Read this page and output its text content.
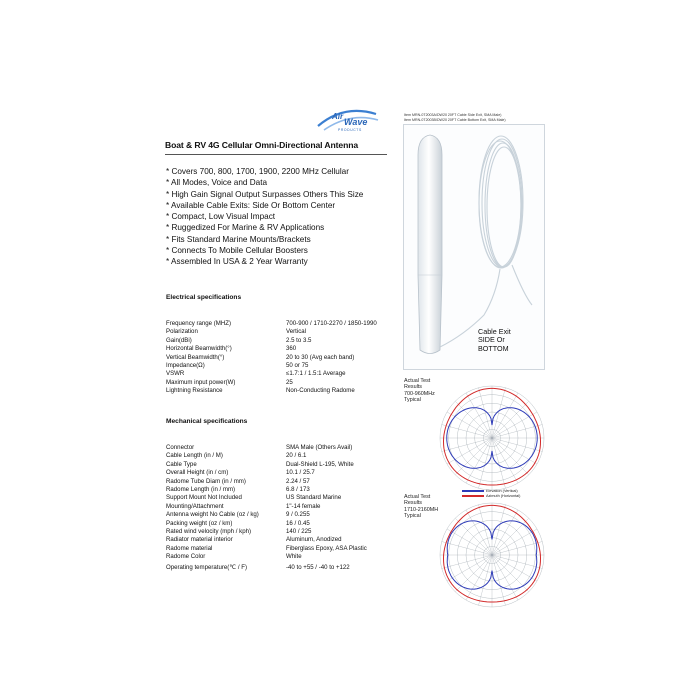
Air
Wave
PRODUCTS
Boat & RV 4G Cellular Omni-Directional Antenna
* Covers 700, 800, 1700, 1900, 2200 MHz Cellular
* All Modes, Voice and Data
* High Gain Signal Output Surpasses Others This Size
* Available Cable Exits: Side Or Bottom Center
* Compact, Low Visual Impact
* Ruggedized For Marine & RV Applications
* Fits Standard Marine Mounts/Brackets
* Connects To Mobile Cellular Boosters
* Assembled In USA & 2 Year Warranty
Electrical specifications
Frequency range (MHZ)	700-900 / 1710-2270 / 1850-1990
Polarization	Vertical
Gain(dBi)	2.5 to 3.5
Horizontal Beamwidth(°)	360
Vertical Beamwidth(°)	20 to 30 (Avg each band)
Impedance(Ω)	50 or 75
VSWR	≤1.7:1 / 1.5:1 Average
Maximum input power(W)	25
Lightning Resistance	Non-Conducting Radome
Mechanical specifications
Connector	SMA Male (Others Avail)
Cable Length (in / M)	20 / 6.1
Cable Type	Dual-Shield L-195, White
Overall Height (in / cm)	10.1 / 25.7
Radome Tube Diam (in / mm)	2.24 / 57
Radome Length (in / mm)	6.8 / 173
Support Mount Not Included	US Standard Marine
Mounting/Attachment	1"-14 female
Antenna weight No Cable (oz / kg)	9 / 0.255
Packing weight (oz / km)	16 / 0.45
Rated wind velocity (mph / kph)	140 / 225
Radiator material interior	Aluminum, Anodized
Radome material	Fiberglass Epoxy, ASA Plastic
Radome Color	White
Operating temperature(℃ / F)	-40 to +55 / -40 to +122
Item MRN-0T2003A/DW20 20FT Cable Side Exit, SMA Male)
Item MRN-0T2003B/DW20 20FT Cable Bottom Exit, SMA Male)
Cable Exit
SIDE Or
BOTTOM
Actual Test
Results
700-960MHz
Typical
Actual Test
Results
1710-2160MH
Typical
Elevation (Vertical)
Azimuth (Horizontal)
